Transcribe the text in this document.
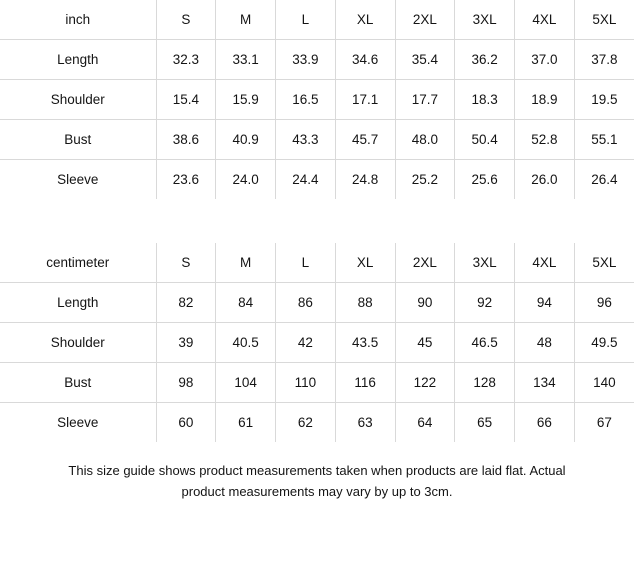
inch	S	M	L	XL	2XL	3XL	4XL	5XL
Length	32.3	33.1	33.9	34.6	35.4	36.2	37.0	37.8
Shoulder	15.4	15.9	16.5	17.1	17.7	18.3	18.9	19.5
Bust	38.6	40.9	43.3	45.7	48.0	50.4	52.8	55.1
Sleeve	23.6	24.0	24.4	24.8	25.2	25.6	26.0	26.4
centimeter	S	M	L	XL	2XL	3XL	4XL	5XL
Length	82	84	86	88	90	92	94	96
Shoulder	39	40.5	42	43.5	45	46.5	48	49.5
Bust	98	104	110	116	122	128	134	140
Sleeve	60	61	62	63	64	65	66	67
This size guide shows product measurements taken when products are laid flat. Actual product measurements may vary by up to 3cm.
